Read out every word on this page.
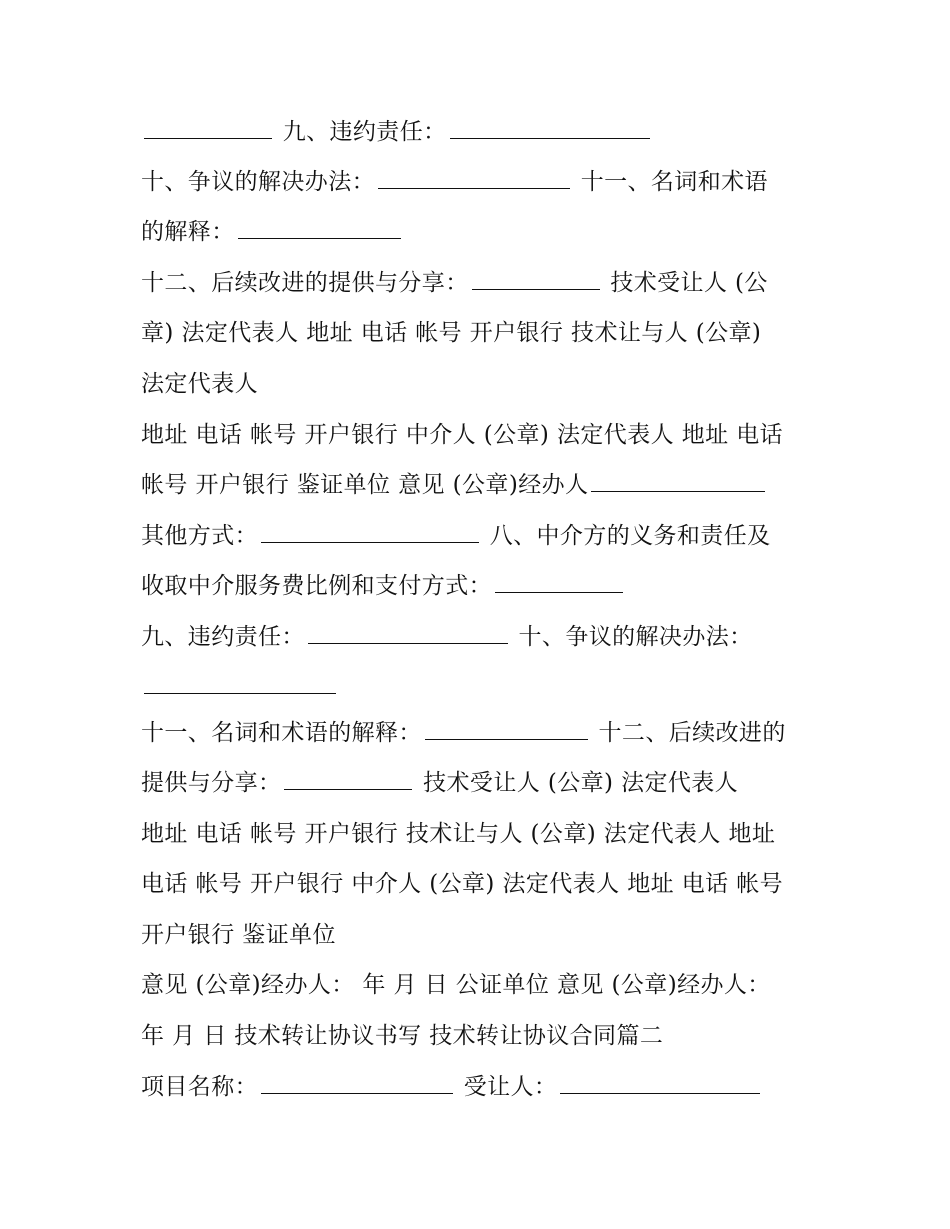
九、违约责任：
十、争议的解决办法：	十一、名词和术语
的解释：
十二、后续改进的提供与分享：	技术受让人 (公
章) 法定代表人 地址 电话 帐号 开户银行 技术让与人 (公章)
法定代表人
地址 电话 帐号 开户银行 中介人 (公章) 法定代表人 地址 电话
帐号 开户银行 鉴证单位 意见 (公章)经办人
其他方式：	八、中介方的义务和责任及
收取中介服务费比例和支付方式：
九、违约责任：	十、争议的解决办法：
十一、名词和术语的解释：	十二、后续改进的
提供与分享：	技术受让人 (公章) 法定代表人
地址 电话 帐号 开户银行 技术让与人 (公章) 法定代表人 地址
电话 帐号 开户银行 中介人 (公章) 法定代表人 地址 电话 帐号
开户银行 鉴证单位
意见 (公章)经办人： 年 月 日 公证单位 意见 (公章)经办人：
年 月 日 技术转让协议书写 技术转让协议合同篇二
项目名称：	受让人：
